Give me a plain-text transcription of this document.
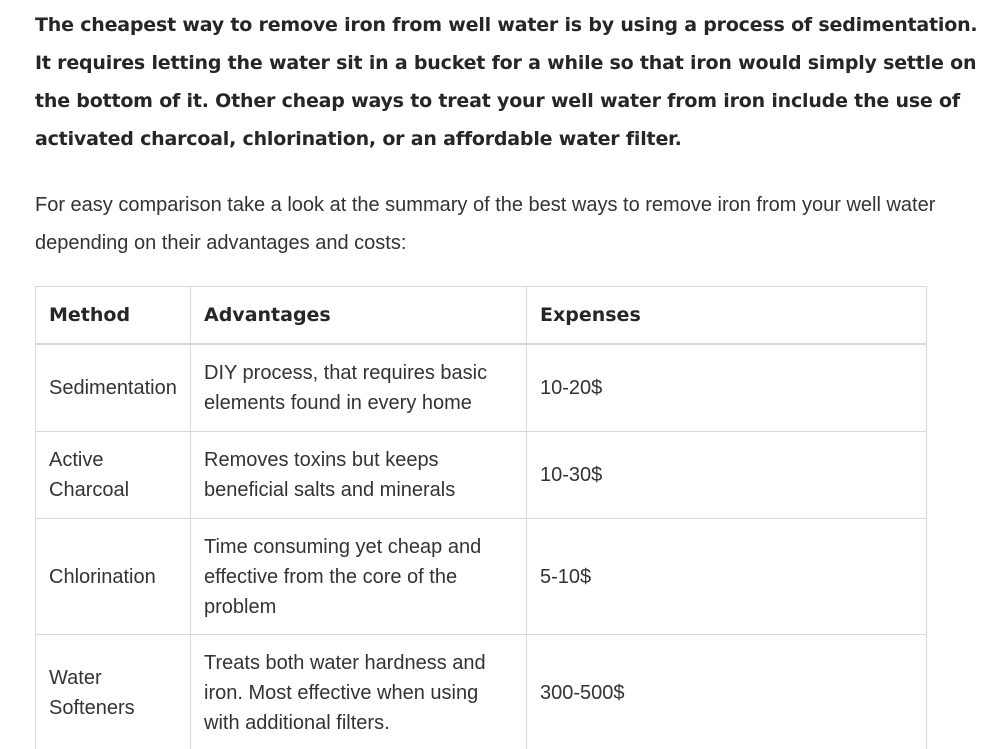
The cheapest way to remove iron from well water is by using a process of sedimentation. It requires letting the water sit in a bucket for a while so that iron would simply settle on the bottom of it. Other cheap ways to treat your well water from iron include the use of activated charcoal, chlorination, or an affordable water filter.

For easy comparison take a look at the summary of the best ways to remove iron from your well water depending on their advantages and costs:

Method	Advantages	Expenses
Sedimentation	DIY process, that requires basic elements found in every home	10-20$
Active Charcoal	Removes toxins but keeps beneficial salts and minerals	10-30$
Chlorination	Time consuming yet cheap and effective from the core of the problem	5-10$
Water Softeners	Treats both water hardness and iron. Most effective when using with additional filters.	300-500$
